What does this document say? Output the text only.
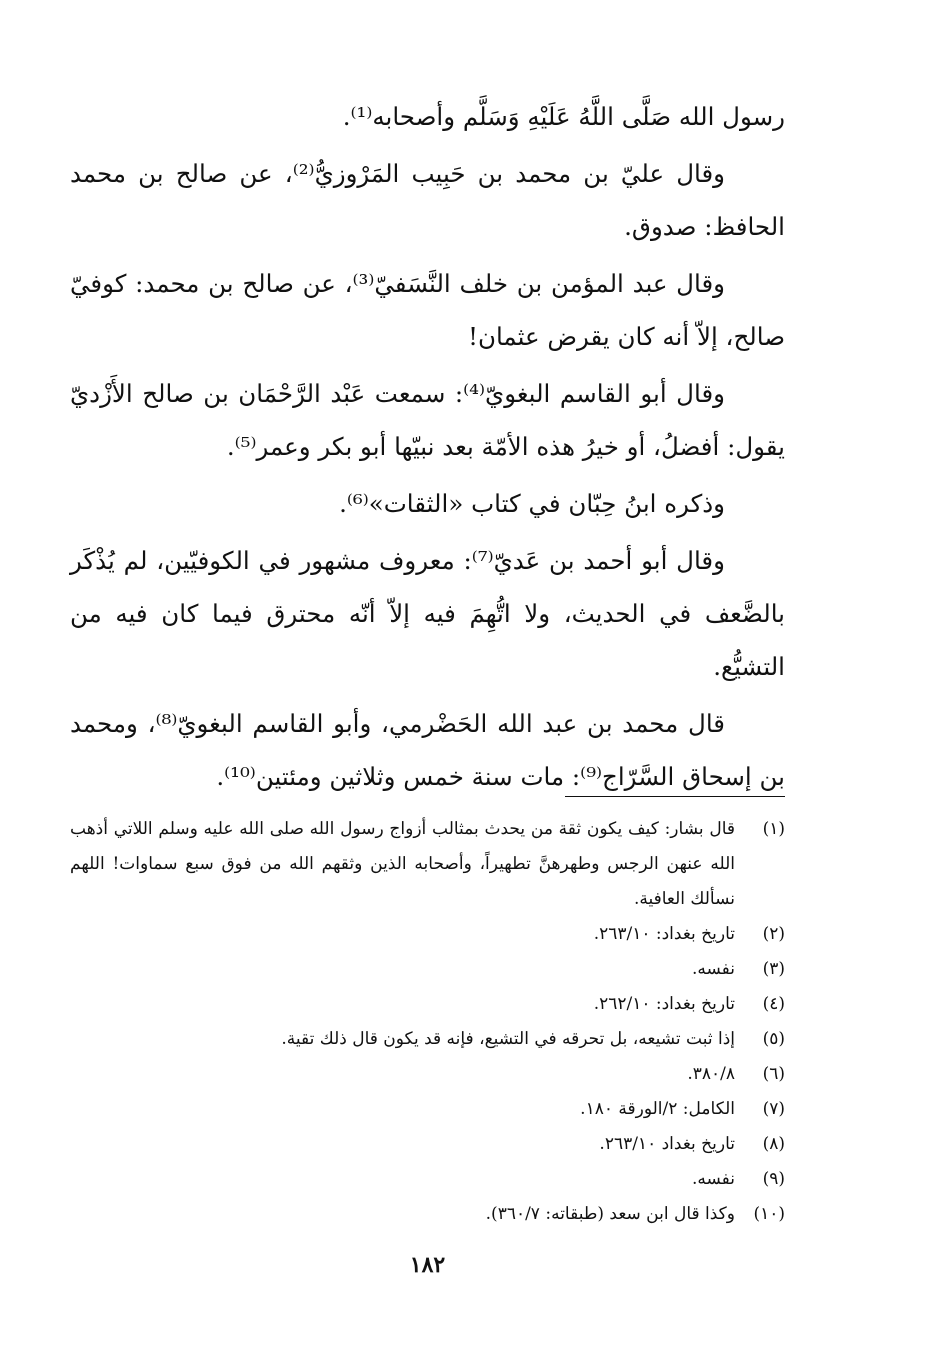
رسول الله صَلَّى اللَّهُ عَلَيْهِ وَسَلَّم وأصحابه⁽¹⁾.

وقال عليّ بن محمد بن حَبِيب المَرْوزيُّ⁽²⁾، عن صالح بن محمد الحافظ: صدوق.

وقال عبد المؤمن بن خلف النَّسَفيّ⁽³⁾، عن صالح بن محمد: كوفيّ صالح، إلاّ أنه كان يقرض عثمان!

وقال أبو القاسم البغويّ⁽⁴⁾: سمعت عَبْد الرَّحْمَان بن صالح الأَزْديّ يقول: أفضلُ، أو خيرُ هذه الأمّة بعد نبيّها أبو بكر وعمر⁽⁵⁾.

وذكره ابنُ حِبّان في كتاب «الثقات»⁽⁶⁾.

وقال أبو أحمد بن عَديّ⁽⁷⁾: معروف مشهور في الكوفيّين، لم يُذْكَر بالضَّعف في الحديث، ولا اتُّهِمَ فيه إلاّ أنّه محترق فيما كان فيه من التشيُّع.

قال محمد بن عبد الله الحَضْرمي، وأبو القاسم البغويّ⁽⁸⁾، ومحمد بن إسحاق السَّرّاج⁽⁹⁾: مات سنة خمس وثلاثين ومئتين⁽¹⁰⁾.

(١)
قال بشار: كيف يكون ثقة من يحدث بمثالب أزواج رسول الله صلى الله عليه وسلم اللاتي أذهب الله عنهن الرجس وطهرهنَّ تطهيراً، وأصحابه الذين وثقهم الله من فوق سبع سماوات! اللهم نسألك العافية.
(٢)
تاريخ بغداد: ٢٦٣/١٠.
(٣)
نفسه.
(٤)
تاريخ بغداد: ٢٦٢/١٠.
(٥)
إذا ثبت تشيعه، بل تحرقه في التشيع، فإنه قد يكون قال ذلك تقية.
(٦)
٣٨٠/٨.
(٧)
الكامل: ٢/الورقة ١٨٠.
(٨)
تاريخ بغداد ٢٦٣/١٠.
(٩)
نفسه.
(١٠)
وكذا قال ابن سعد (طبقاته: ٣٦٠/٧).
١٨٢
